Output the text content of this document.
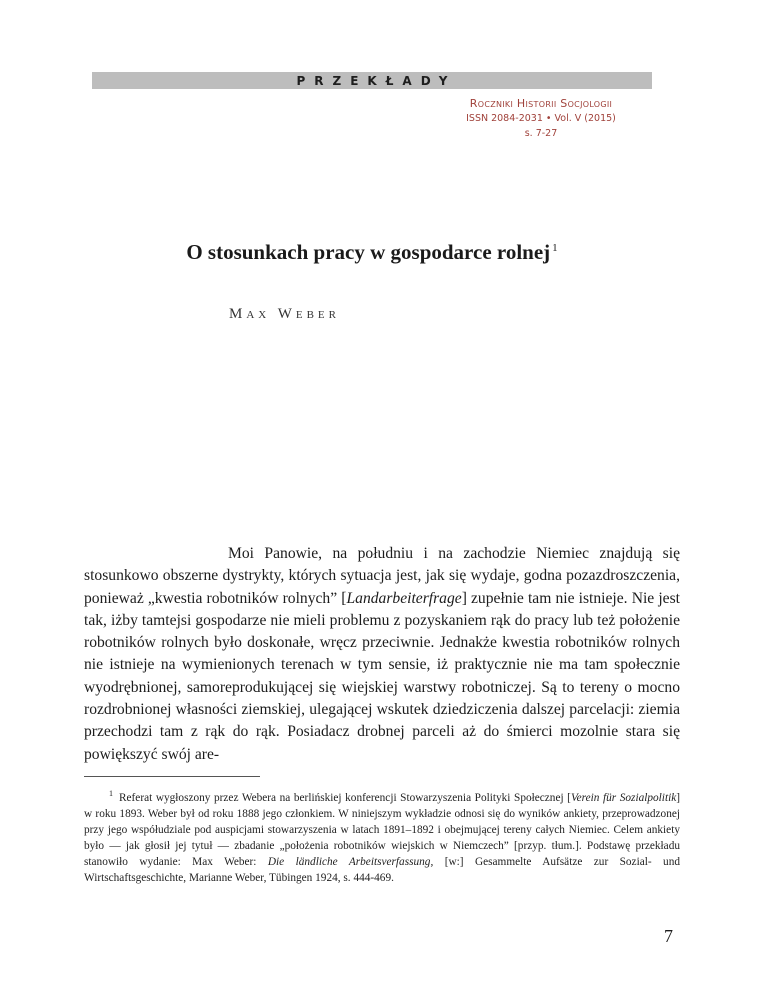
PRZEKŁADY
Roczniki Historii Socjologii
ISSN 2084-2031 • Vol. V (2015)
s. 7-27
O stosunkach pracy w gospodarce rolnej $^1$
Max Weber

Moi Panowie, na południu i na zachodzie Niemiec znajdują się stosunkowo obszerne dystrykty, których sytuacja jest, jak się wydaje, godna pozazdroszczenia, ponieważ „kwestia robotników rolnych” [Landarbeiterfrage] zupełnie tam nie istnieje. Nie jest tak, iżby tamtejsi gospodarze nie mieli problemu z pozyskaniem rąk do pracy lub też położenie robotników rolnych było doskonałe, wręcz przeciwnie. Jednakże kwestia robotników rolnych nie istnieje na wymienionych terenach w tym sensie, iż praktycznie nie ma tam społecznie wyodrębnionej, samoreprodukującej się wiejskiej warstwy robotniczej. Są to tereny o mocno rozdrobnionej własności ziemskiej, ulegającej wskutek dziedziczenia dalszej parcelacji: ziemia przechodzi tam z rąk do rąk. Posiadacz drobnej parceli aż do śmierci mozolnie stara się powiększyć swój are-

$^1$ Referat wygłoszony przez Webera na berlińskiej konferencji Stowarzyszenia Polityki Społecznej [Verein für Sozialpolitik] w roku 1893. Weber był od roku 1888 jego członkiem. W niniejszym wykładzie odnosi się do wyników ankiety, przeprowadzonej przy jego współudziale pod auspicjami stowarzyszenia w latach 1891–1892 i obejmującej tereny całych Niemiec. Celem ankiety było — jak głosił jej tytuł — zbadanie „położenia robotników wiejskich w Niemczech” [przyp. tłum.]. Podstawę przekładu stanowiło wydanie: Max Weber: Die ländliche Arbeitsverfassung, [w:] Gesammelte Aufsätze zur Sozial- und Wirtschaftsgeschichte, Marianne Weber, Tübingen 1924, s. 444-469.

7
